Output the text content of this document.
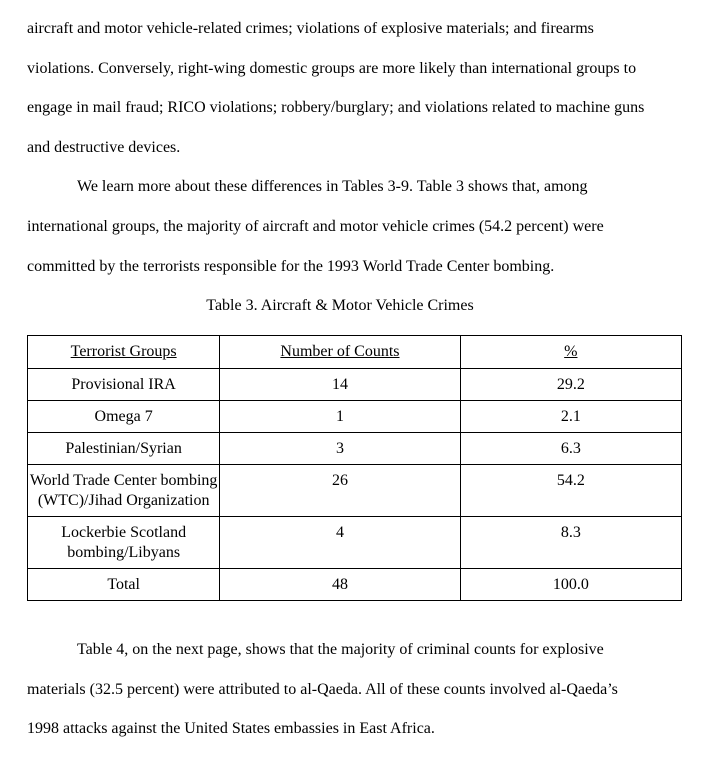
aircraft and motor vehicle-related crimes; violations of explosive materials; and firearms
violations. Conversely, right-wing domestic groups are more likely than international groups to
engage in mail fraud; RICO violations; robbery/burglary; and violations related to machine guns
and destructive devices.
We learn more about these differences in Tables 3-9. Table 3 shows that, among
international groups, the majority of aircraft and motor vehicle crimes (54.2 percent) were
committed by the terrorists responsible for the 1993 World Trade Center bombing.
Table 3. Aircraft & Motor Vehicle Crimes
Terrorist Groups	Number of Counts	%
Provisional IRA	14	29.2
Omega 7	1	2.1
Palestinian/Syrian	3	6.3

World Trade Center bombing
(WTC)/Jihad Organization	26	54.2

Lockerbie Scotland
bombing/Libyans	4	8.3
Total	48	100.0
Table 4, on the next page, shows that the majority of criminal counts for explosive
materials (32.5 percent) were attributed to al-Qaeda. All of these counts involved al-Qaeda’s
1998 attacks against the United States embassies in East Africa.
